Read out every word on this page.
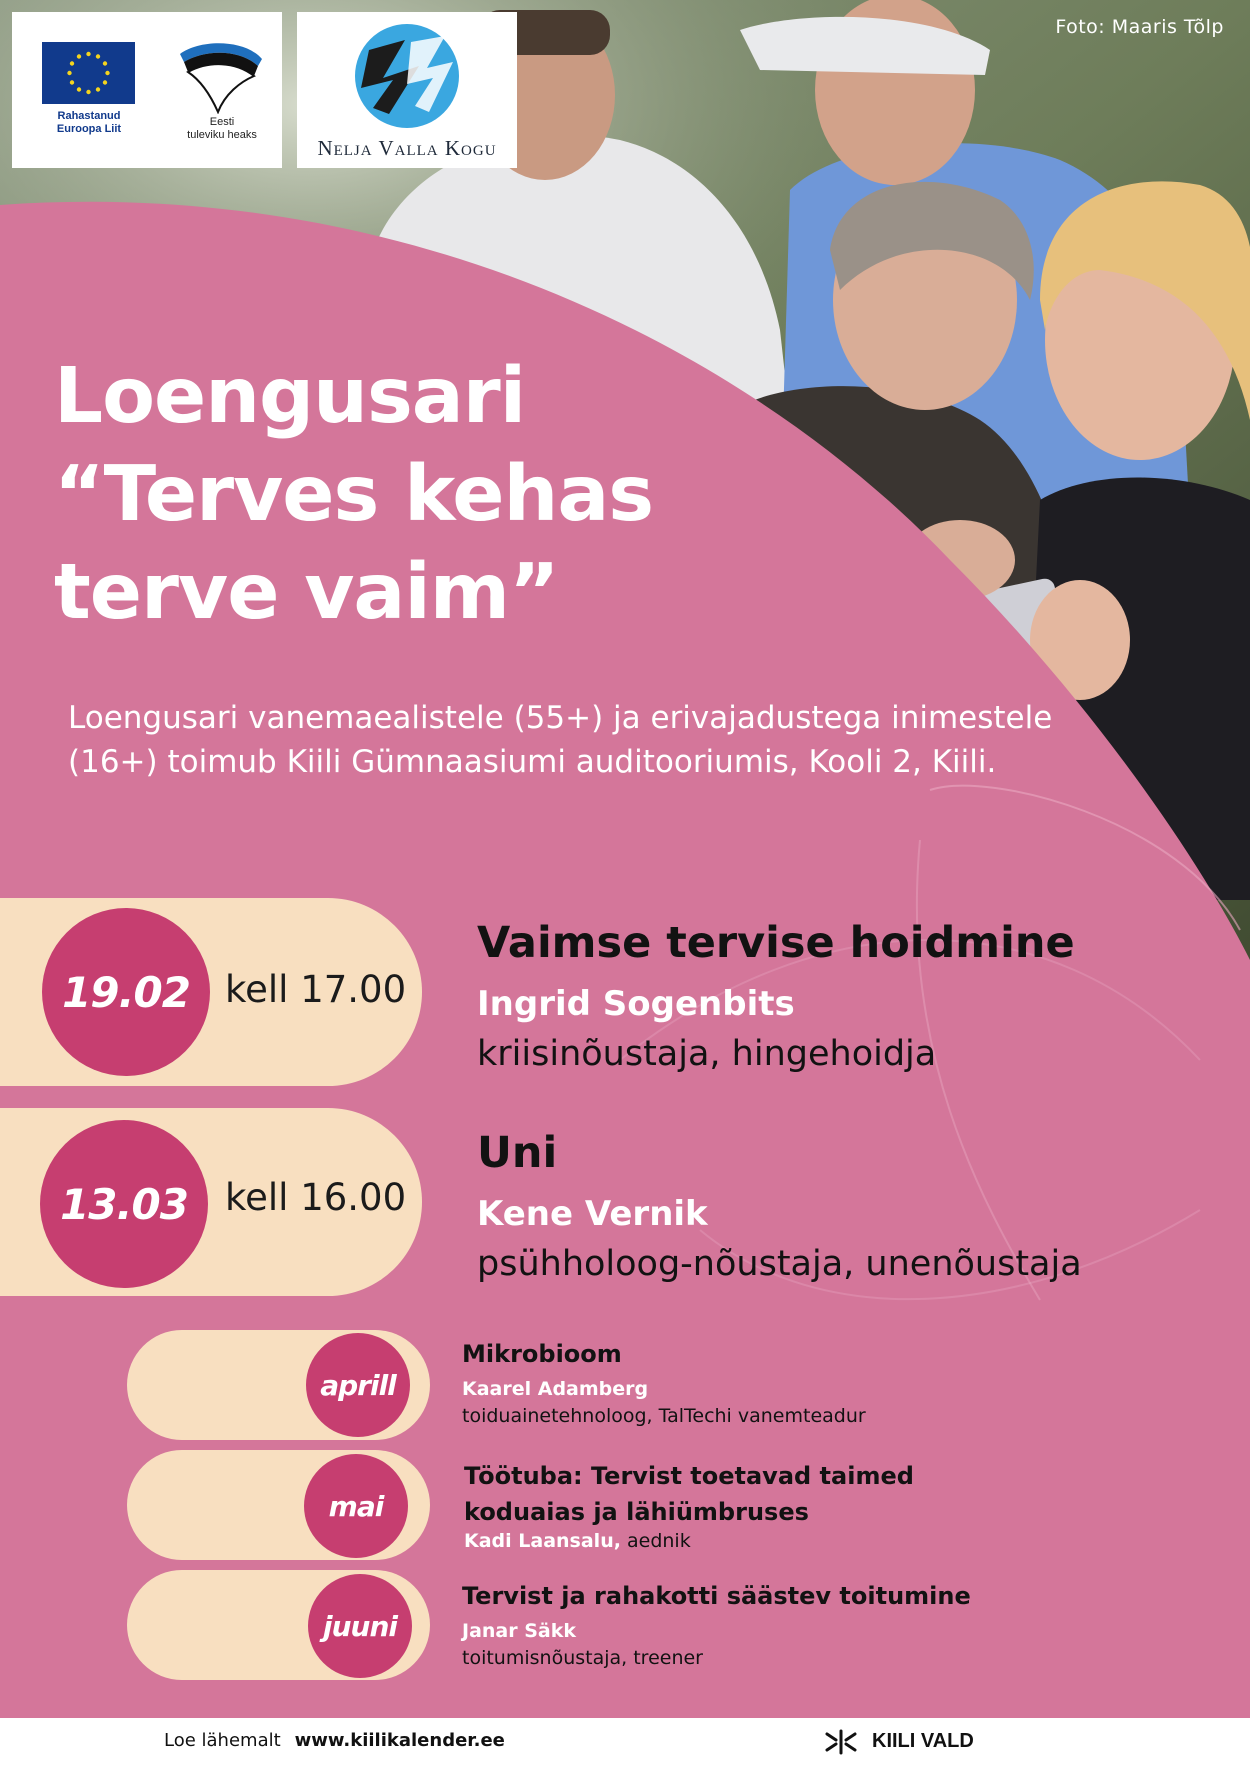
Foto: Maaris Tõlp
Rahastanud
Euroopa Liit
Eesti
tuleviku heaks
Nelja Valla Kogu
Loengusari
“Terves kehas
terve vaim”
Loengusari vanemaealistele (55+) ja erivajadustega inimestele (16+) toimub Kiili Gümnaasiumi auditooriumis, Kooli 2, Kiili.
19.02 kell 17.00
Vaimse tervise hoidmine
Ingrid Sogenbits
kriisinõustaja, hingehoidja
13.03	kell 16.00
Uni
Kene Vernik
psühholoog-nõustaja, unenõustaja
aprill
Mikrobioom
Kaarel Adamberg
toiduainetehnoloog, TalTechi vanemteadur
mai
Töötuba: Tervist toetavad taimed
koduaias ja lähiümbruses
Kadi Laansalu, aednik
juuni
Tervist ja rahakotti säästev toitumine
Janar Säkk
toitumisnõustaja, treener
Loe lähemalt www.kiilikalender.ee	KIILI VALD
